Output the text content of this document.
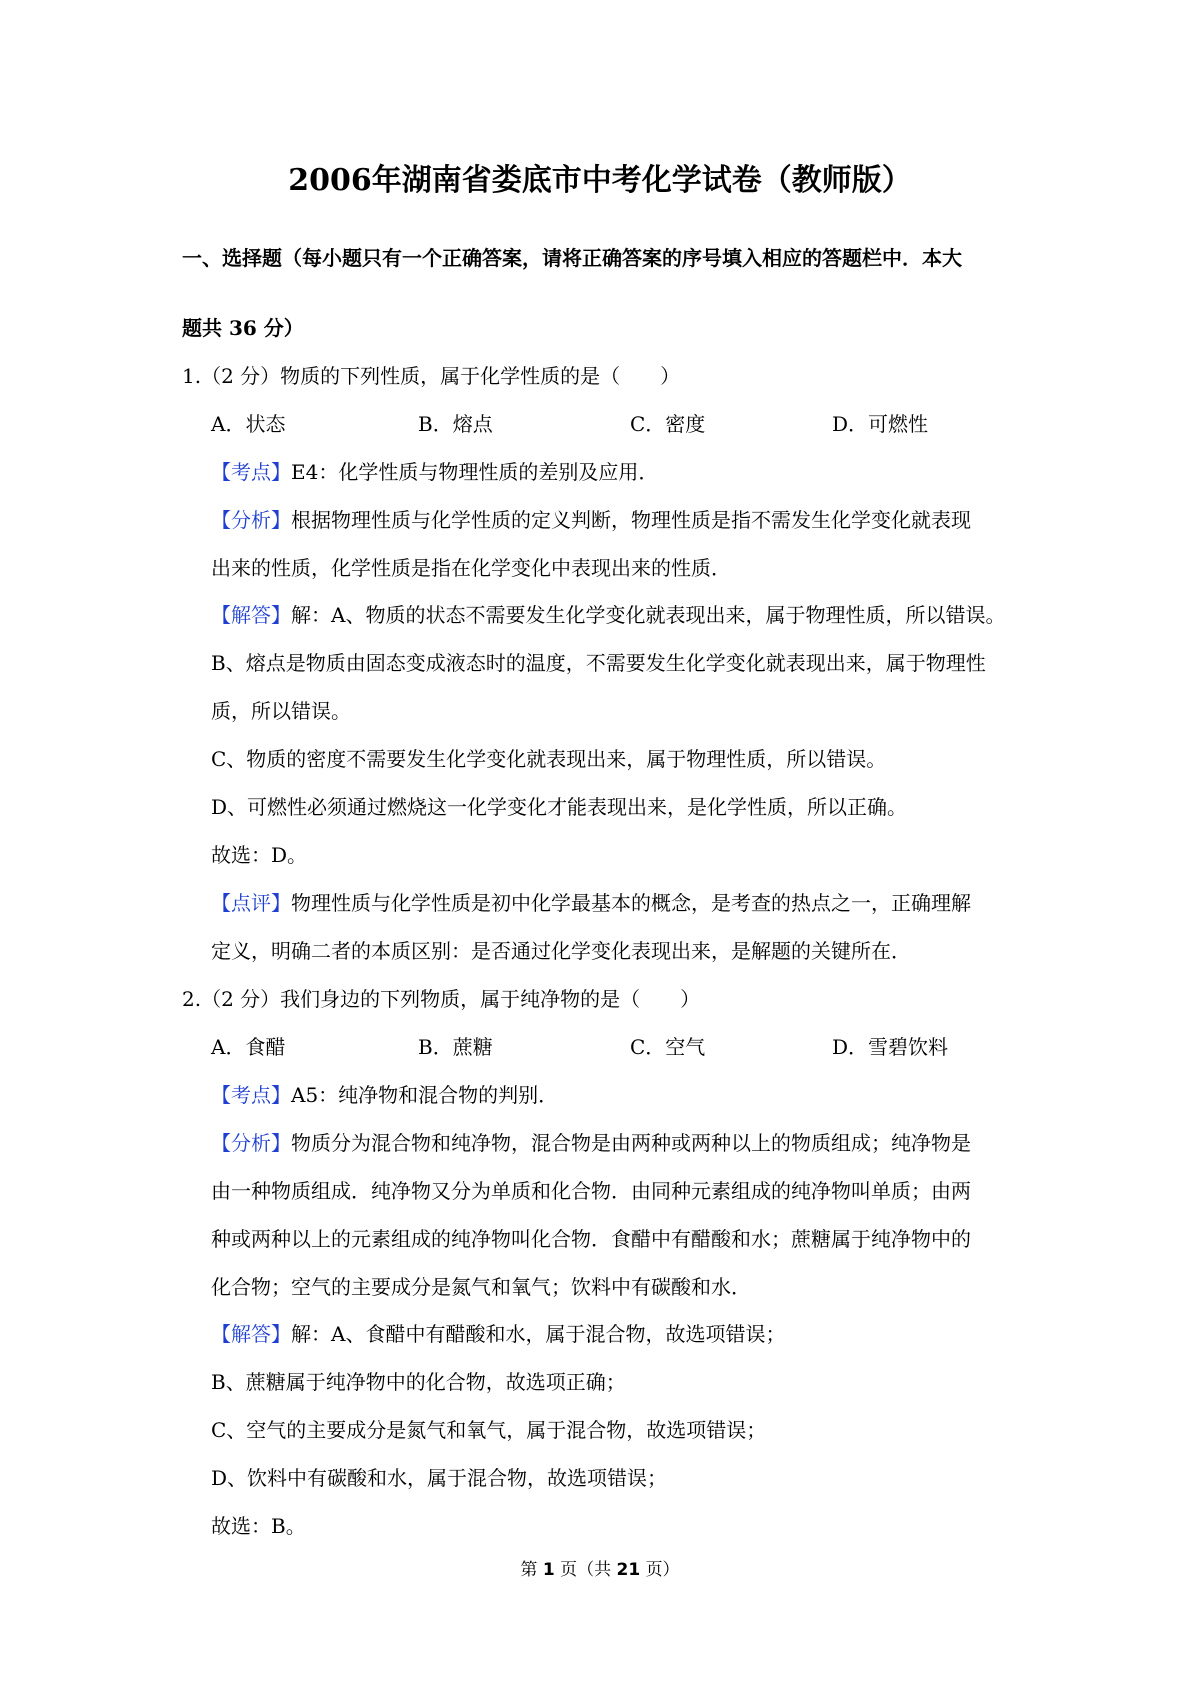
2006年湖南省娄底市中考化学试卷（教师版）
一、选择题（每小题只有一个正确答案，请将正确答案的序号填入相应的答题栏中．本大
题共 36 分）
1.（2 分）物质的下列性质，属于化学性质的是（　　）
A．状态	B．熔点	C．密度	D．可燃性
【考点】E4：化学性质与物理性质的差别及应用．
【分析】根据物理性质与化学性质的定义判断，物理性质是指不需发生化学变化就表现
出来的性质，化学性质是指在化学变化中表现出来的性质．
【解答】解：A、物质的状态不需要发生化学变化就表现出来，属于物理性质，所以错误。
B、熔点是物质由固态变成液态时的温度，不需要发生化学变化就表现出来，属于物理性
质，所以错误。
C、物质的密度不需要发生化学变化就表现出来，属于物理性质，所以错误。
D、可燃性必须通过燃烧这一化学变化才能表现出来，是化学性质，所以正确。
故选：D。
【点评】物理性质与化学性质是初中化学最基本的概念，是考查的热点之一，正确理解
定义，明确二者的本质区别：是否通过化学变化表现出来，是解题的关键所在．
2.（2 分）我们身边的下列物质，属于纯净物的是（　　）
A．食醋	B．蔗糖	C．空气	D．雪碧饮料
【考点】A5：纯净物和混合物的判别．
【分析】物质分为混合物和纯净物，混合物是由两种或两种以上的物质组成；纯净物是
由一种物质组成．纯净物又分为单质和化合物．由同种元素组成的纯净物叫单质；由两
种或两种以上的元素组成的纯净物叫化合物．食醋中有醋酸和水；蔗糖属于纯净物中的
化合物；空气的主要成分是氮气和氧气；饮料中有碳酸和水．
【解答】解：A、食醋中有醋酸和水，属于混合物，故选项错误；
B、蔗糖属于纯净物中的化合物，故选项正确；
C、空气的主要成分是氮气和氧气，属于混合物，故选项错误；
D、饮料中有碳酸和水，属于混合物，故选项错误；
故选：B。
第 1 页（共 21 页）
